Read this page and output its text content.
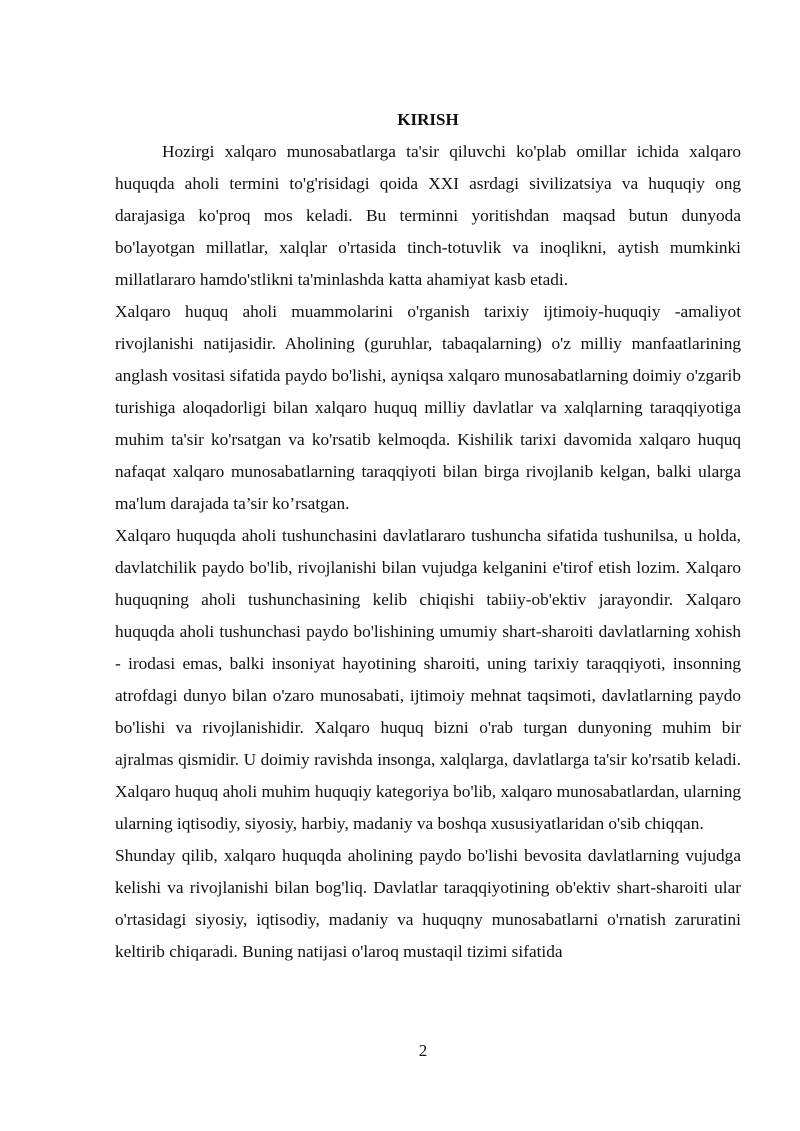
KIRISH

Hozirgi xalqaro munosabatlarga ta'sir qiluvchi ko'plab omillar ichida xalqaro huquqda aholi termini to'g'risidagi qoida XXI asrdagi sivilizatsiya va huquqiy ong darajasiga ko'proq mos keladi. Bu terminni yoritishdan maqsad butun dunyoda bo'layotgan millatlar, xalqlar o'rtasida tinch-totuvlik va inoqlikni, aytish mumkinki millatlararo hamdo'stlikni ta'minlashda katta ahamiyat kasb etadi.

Xalqaro huquq aholi muammolarini o'rganish tarixiy ijtimoiy-huquqiy -amaliyot rivojlanishi natijasidir. Aholining (guruhlar, tabaqalarning) o'z milliy manfaatlarining anglash vositasi sifatida paydo bo'lishi, ayniqsa xalqaro munosabatlarning doimiy o'zgarib turishiga aloqadorligi bilan xalqaro huquq milliy davlatlar va xalqlarning taraqqiyotiga muhim ta'sir ko'rsatgan va ko'rsatib kelmoqda. Kishilik tarixi davomida xalqaro huquq nafaqat xalqaro munosabatlarning taraqqiyoti bilan birga rivojlanib kelgan, balki ularga ma'lum darajada ta’sir ko’rsatgan.

Xalqaro huquqda aholi tushunchasini davlatlararo tushuncha sifatida tushunilsa, u holda, davlatchilik paydo bo'lib, rivojlanishi bilan vujudga kelganini e'tirof etish lozim. Xalqaro huquqning aholi tushunchasining kelib chiqishi tabiiy-ob'ektiv jarayondir. Xalqaro huquqda aholi tushunchasi paydo bo'lishining umumiy shart-sharoiti davlatlarning xohish - irodasi emas, balki insoniyat hayotining sharoiti, uning tarixiy taraqqiyoti, insonning atrofdagi dunyo bilan o'zaro munosabati, ijtimoiy mehnat taqsimoti, davlatlarning paydo bo'lishi va rivojlanishidir. Xalqaro huquq bizni o'rab turgan dunyoning muhim bir ajralmas qismidir. U doimiy ravishda insonga, xalqlarga, davlatlarga ta'sir ko'rsatib keladi. Xalqaro huquq aholi muhim huquqiy kategoriya bo'lib, xalqaro munosabatlardan, ularning ularning iqtisodiy, siyosiy, harbiy, madaniy va boshqa xususiyatlaridan o'sib chiqqan.

Shunday qilib, xalqaro huquqda aholining paydo bo'lishi bevosita davlatlarning vujudga kelishi va rivojlanishi bilan bog'liq. Davlatlar taraqqiyotining ob'ektiv shart-sharoiti ular o'rtasidagi siyosiy, iqtisodiy, madaniy va huquqny munosabatlarni o'rnatish zaruratini keltirib chiqaradi. Buning natijasi o'laroq mustaqil tizimi sifatida

2
